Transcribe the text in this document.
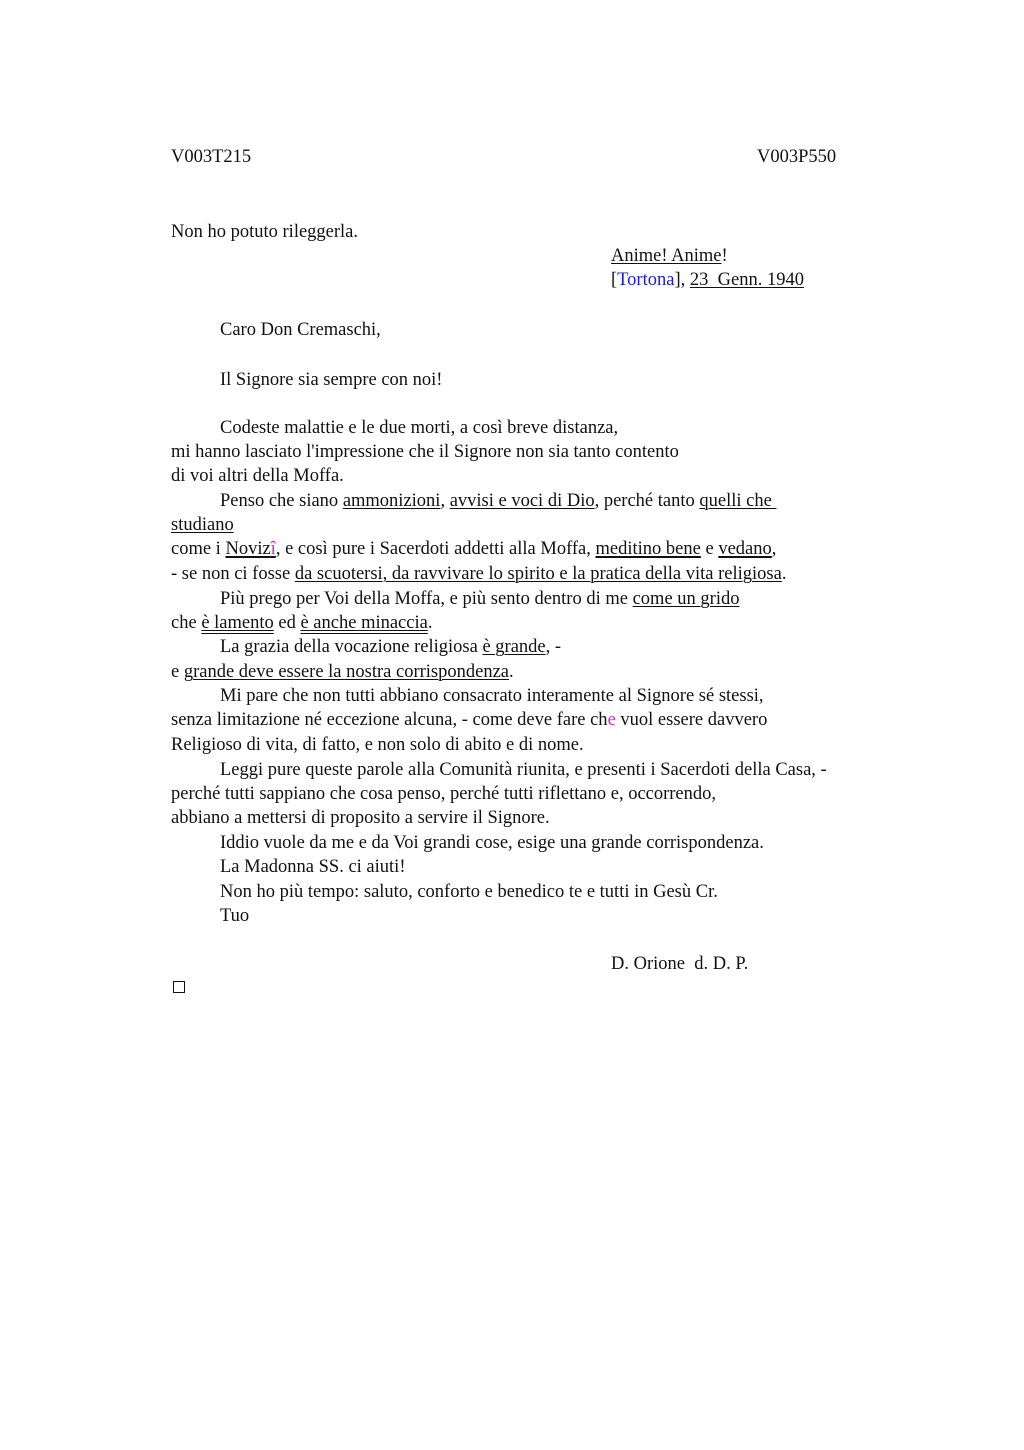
V003T215	V003P550
Non ho potuto rileggerla.
Anime! Anime!
[Tortona], 23  Genn. 1940
Caro Don Cremaschi,
Il Signore sia sempre con noi!
Codeste malattie e le due morti, a così breve distanza,
mi hanno lasciato l'impressione che il Signore non sia tanto contento
di voi altri della Moffa.
Penso che siano ammonizioni, avvisi e voci di Dio, perché tanto quelli che
studiano
come i Novizî, e così pure i Sacerdoti addetti alla Moffa, meditino bene e vedano,
- se non ci fosse da scuotersi, da ravvivare lo spirito e la pratica della vita religiosa.
Più prego per Voi della Moffa, e più sento dentro di me come un grido
che è lamento ed è anche minaccia.
La grazia della vocazione religiosa è grande, -
e grande deve essere la nostra corrispondenza.
Mi pare che non tutti abbiano consacrato interamente al Signore sé stessi,
senza limitazione né eccezione alcuna, - come deve fare che vuol essere davvero
Religioso di vita, di fatto, e non solo di abito e di nome.
Leggi pure queste parole alla Comunità riunita, e presenti i Sacerdoti della Casa, -
perché tutti sappiano che cosa penso, perché tutti riflettano e, occorrendo,
abbiano a mettersi di proposito a servire il Signore.
Iddio vuole da me e da Voi grandi cose, esige una grande corrispondenza.
La Madonna SS. ci aiuti!
Non ho più tempo: saluto, conforto e benedico te e tutti in Gesù Cr.
Tuo
D. Orione  d. D. P.
